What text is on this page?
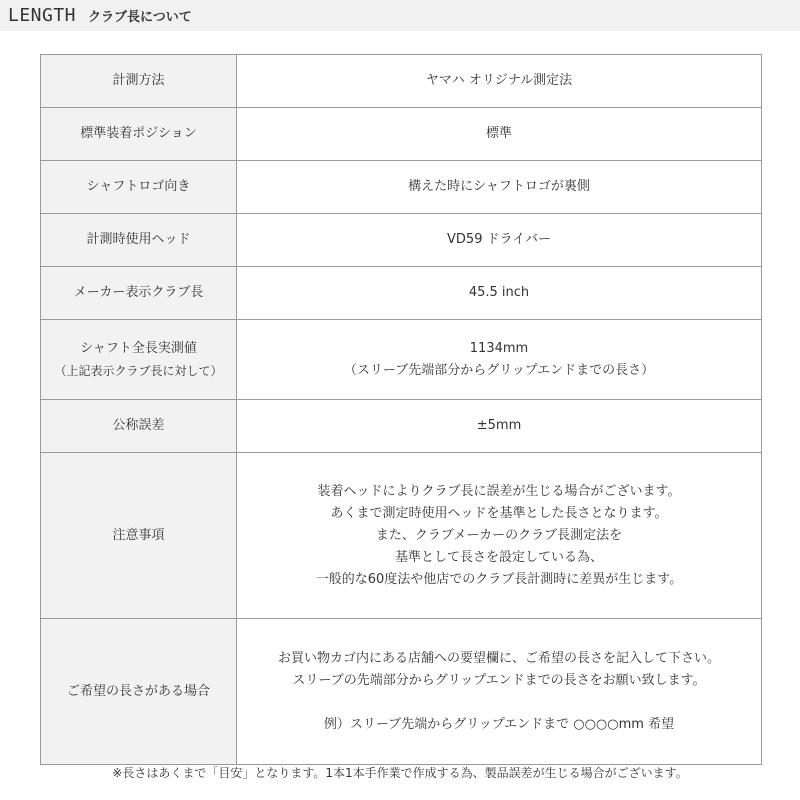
LENGTH クラブ長について
計測方法	ヤマハ オリジナル測定法
標準装着ポジション	標準
シャフトロゴ向き	構えた時にシャフトロゴが裏側
計測時使用ヘッド	VD59 ドライバー
メーカー表示クラブ長	45.5 inch

シャフト全長実測値
（上記表示クラブ長に対して）	1134mm
（スリーブ先端部分からグリップエンドまでの長さ）

公称誤差	±5mm
注意事項	装着ヘッドによりクラブ長に誤差が生じる場合がございます。
あくまで測定時使用ヘッドを基準とした長さとなります。
また、クラブメーカーのクラブ長測定法を
基準として長さを設定している為、
一般的な60度法や他店でのクラブ長計測時に差異が生じます。

ご希望の長さがある場合	お買い物カゴ内にある店舗への要望欄に、ご希望の長さを記入して下さい。
スリーブの先端部分からグリップエンドまでの長さをお願い致します。
例）スリーブ先端からグリップエンドまで ○○○○mm 希望
※長さはあくまで「目安」となります。1本1本手作業で作成する為、製品誤差が生じる場合がございます。
